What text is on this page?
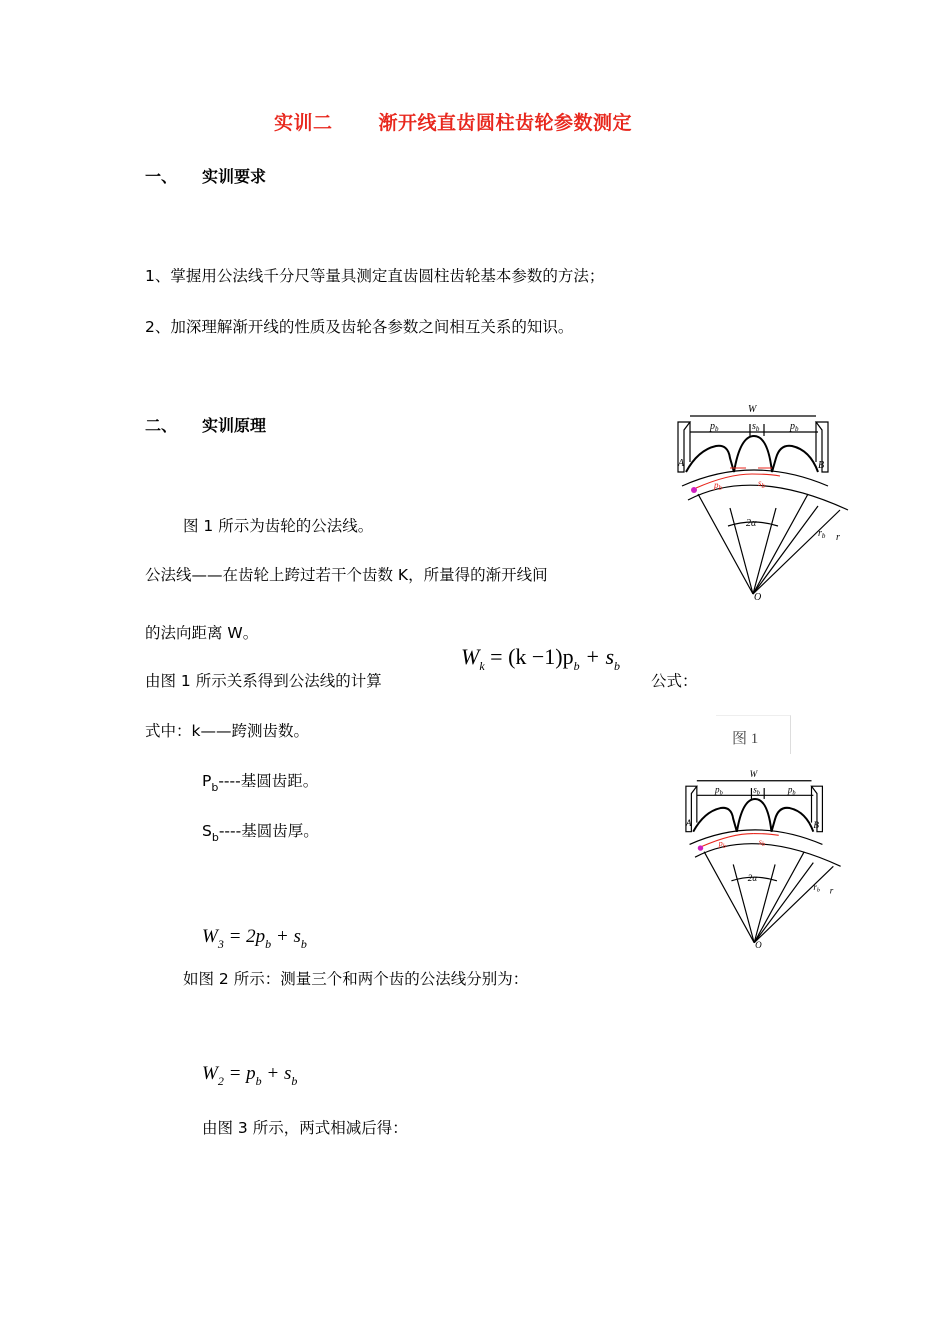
实训二 渐开线直齿圆柱齿轮参数测定
一、 实训要求
1、掌握用公法线千分尺等量具测定直齿圆柱齿轮基本参数的方法；
2、加深理解渐开线的性质及齿轮各参数之间相互关系的知识。
二、 实训原理
图 1 所示为齿轮的公法线。
公法线——在齿轮上跨过若干个齿数 K，所量得的渐开线间
的法向距离 W。
由图 1 所示关系得到公法线的计算
$W_k = (k -1)p_b + s_b$
公式：
式中：k——跨测齿数。
$P_b----$基圆齿距。
$S_b----$基圆齿厚。
$W_3 = 2p_b + s_b$
如图 2 所示：测量三个和两个齿的公法线分别为：
$W_2 = p_b + s_b$
由图 3 所示，两式相减后得：
图 1
W
$p_b$	$s_b$	$p_b$
A	B
2α
$r_b$ r
O
$p_b$	$s_b$
W
$p_b$	$s_b$	$p_b$
A	B
2α
$r_b$ r
O
$p_b$
$s_b$
